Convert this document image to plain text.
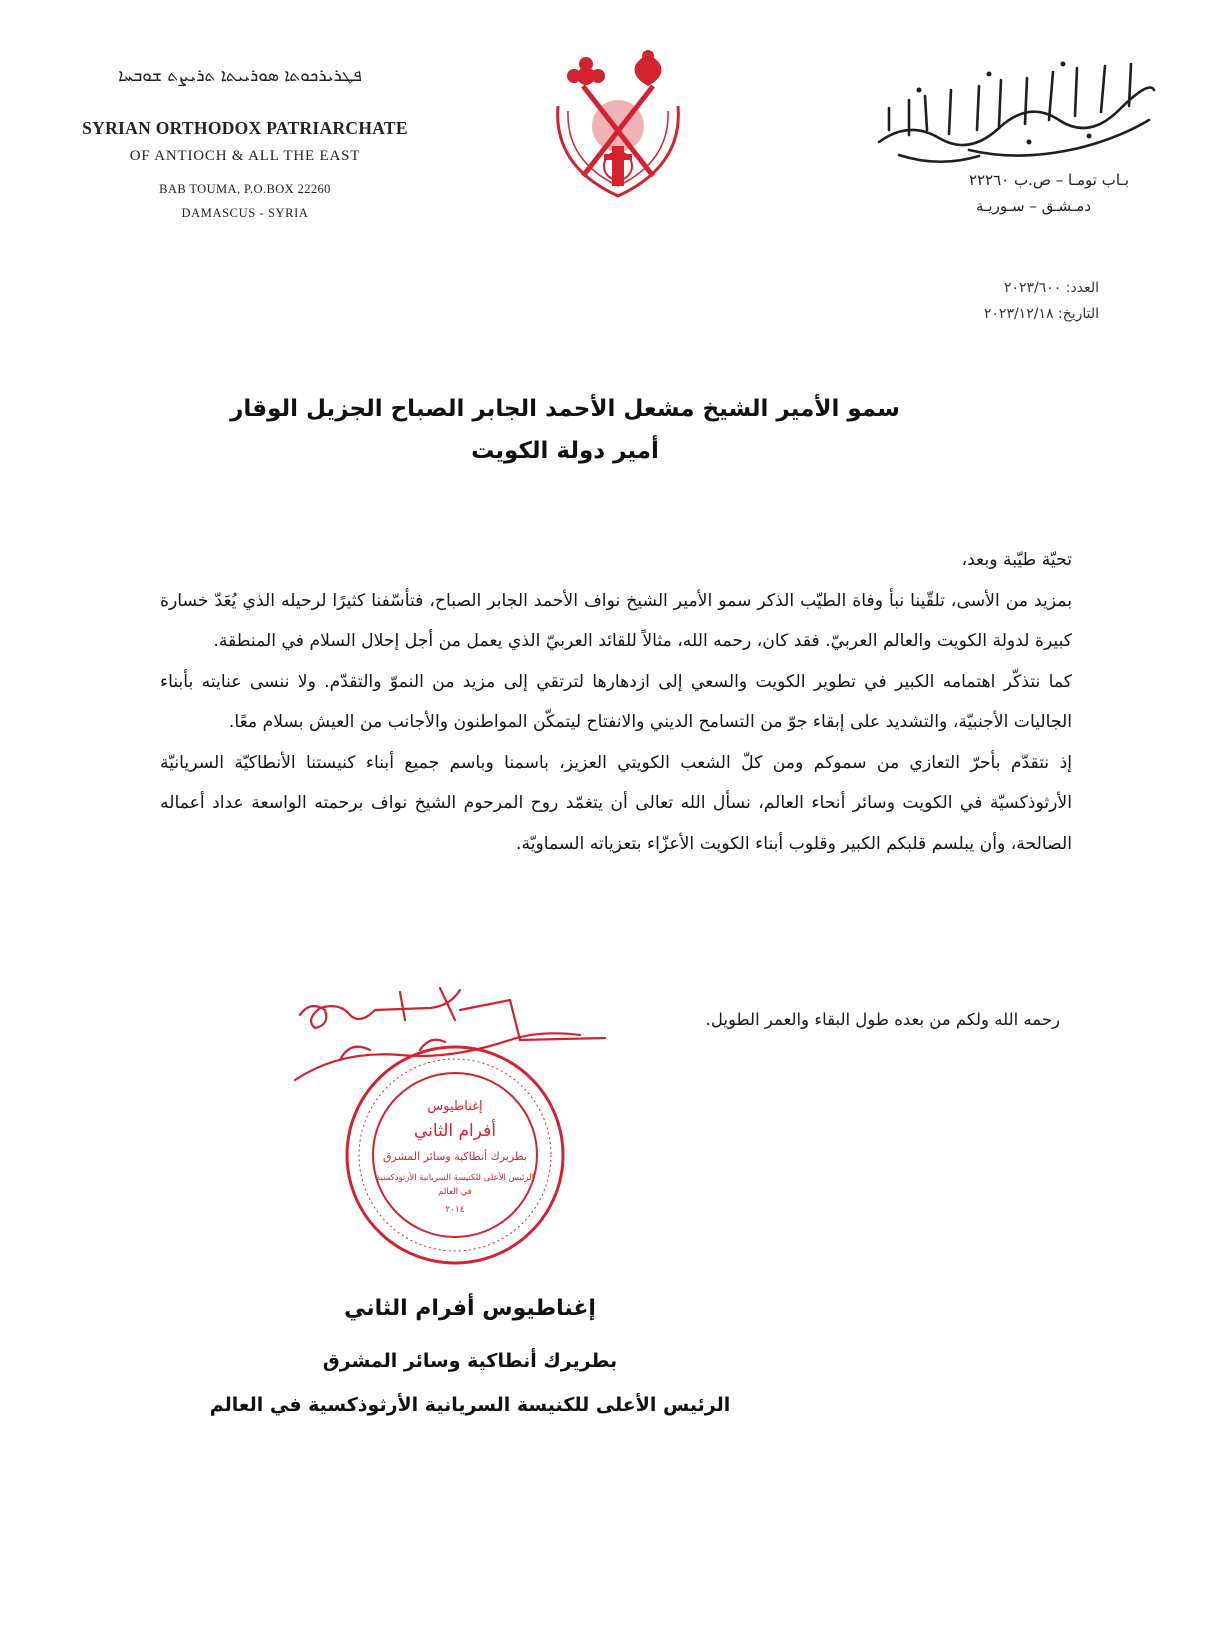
ܦܛܪܝܪܟܘܬܐ ܣܘܪܝܝܬܐ ܬܪܝܨܬ ܫܘܒܚܐ
SYRIAN ORTHODOX PATRIARCHATE
OF ANTIOCH & ALL THE EAST
BAB TOUMA, P.O.BOX 22260
DAMASCUS - SYRIA
بـاب تومـا – ص.ب ٢٢٢٦٠
دمـشـق – سـوريـة
العدد: ٢٠٢٣/٦٠٠
التاريخ: ٢٠٢٣/١٢/١٨
سمو الأمير الشيخ مشعل الأحمد الجابر الصباح الجزيل الوقار
أمير دولة الكويت

تحيّة طيّبة وبعد،

بمزيد من الأسى، تلقّينا نبأ وفاة الطيّب الذكر سمو الأمير الشيخ نواف الأحمد الجابر الصباح، فتأسّفنا كثيرًا لرحيله الذي يُعَدّ خسارة كبيرة لدولة الكويت والعالم العربيّ. فقد كان، رحمه الله، مثالاً للقائد العربيّ الذي يعمل من أجل إحلال السلام في المنطقة.

كما نتذكّر اهتمامه الكبير في تطوير الكويت والسعي إلى ازدهارها لترتقي إلى مزيد من النموّ والتقدّم. ولا ننسى عنايته بأبناء الجاليات الأجنبيّة، والتشديد على إبقاء جوّ من التسامح الديني والانفتاح ليتمكّن المواطنون والأجانب من العيش بسلام معًا.

إذ نتقدّم بأحرّ التعازي من سموكم ومن كلّ الشعب الكويتي العزيز، باسمنا وباسم جميع أبناء كنيستنا الأنطاكيّة السريانيّة الأرثوذكسيّة في الكويت وسائر أنحاء العالم، نسأل الله تعالى أن يتغمّد روح المرحوم الشيخ نواف برحمته الواسعة عداد أعماله الصالحة، وأن يبلسم قلبكم الكبير وقلوب أبناء الكويت الأعزّاء بتعزياته السماويّة.

رحمه الله ولكم من بعده طول البقاء والعمر الطويل.
إغناطيوس
أفرام الثاني
بطريرك أنطاكية وسائر المشرق
الرئيس الأعلى للكنيسة السريانية الأرثوذكسية
في العالم
٢٠١٤
إغناطيوس أفرام الثاني
بطريرك أنطاكية وسائر المشرق
الرئيس الأعلى للكنيسة السريانية الأرثوذكسية في العالم
